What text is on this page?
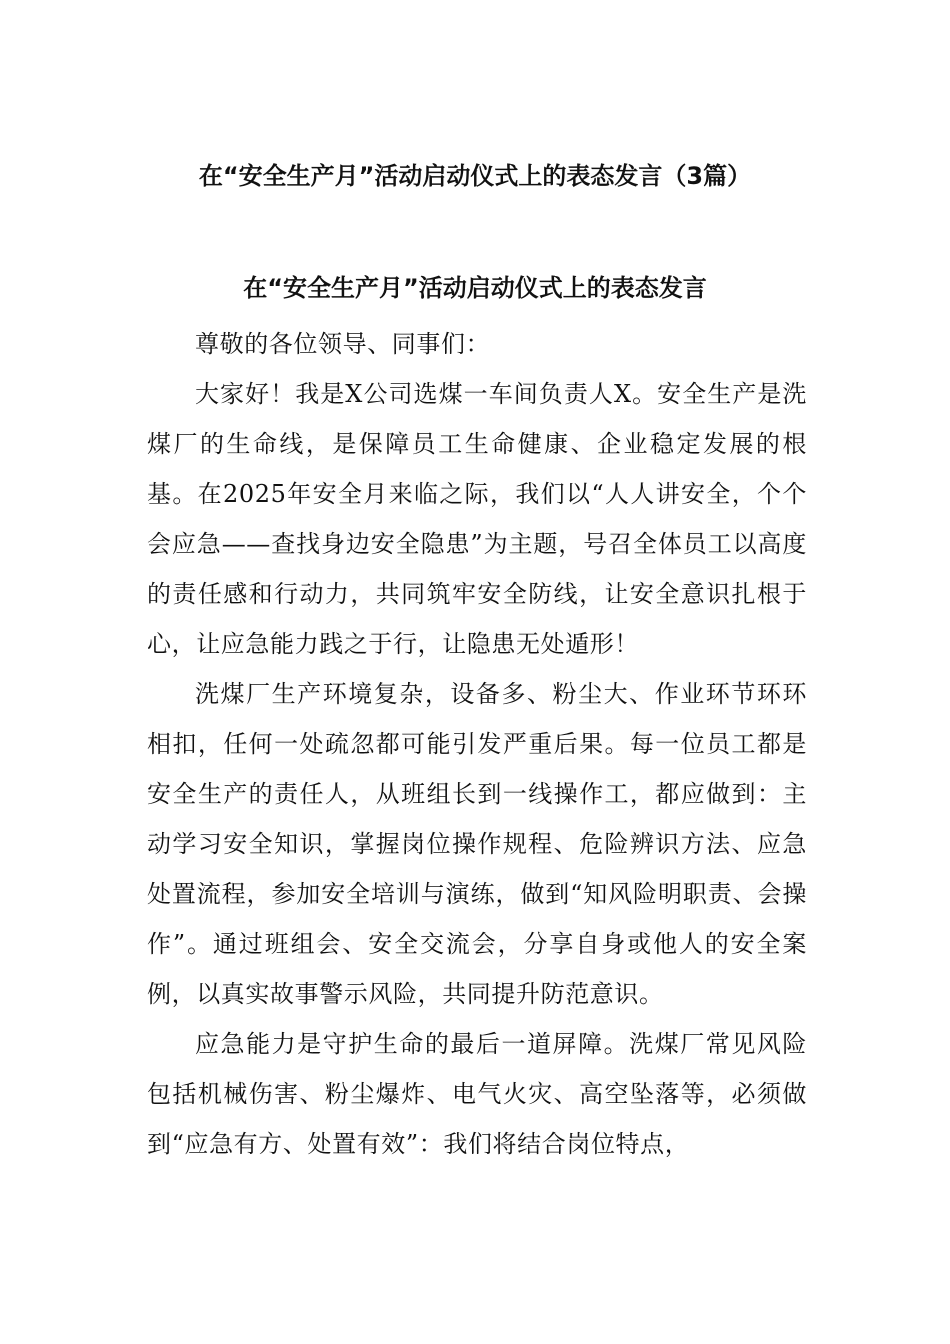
在“安全生产月”活动启动仪式上的表态发言（3篇）
在“安全生产月”活动启动仪式上的表态发言

尊敬的各位领导、同事们：

大家好！我是X公司选煤一车间负责人X。安全生产是洗煤厂的生命线，是保障员工生命健康、企业稳定发展的根基。在2025年安全月来临之际，我们以“人人讲安全，个个会应急——查找身边安全隐患”为主题，号召全体员工以高度的责任感和行动力，共同筑牢安全防线，让安全意识扎根于心，让应急能力践之于行，让隐患无处遁形！

洗煤厂生产环境复杂，设备多、粉尘大、作业环节环环相扣，任何一处疏忽都可能引发严重后果。每一位员工都是安全生产的责任人，从班组长到一线操作工，都应做到：主动学习安全知识，掌握岗位操作规程、危险辨识方法、应急处置流程，参加安全培训与演练，做到“知风险明职责、会操作”。通过班组会、安全交流会，分享自身或他人的安全案例，以真实故事警示风险，共同提升防范意识。

应急能力是守护生命的最后一道屏障。洗煤厂常见风险包括机械伤害、粉尘爆炸、电气火灾、高空坠落等，必须做到“应急有方、处置有效”：我们将结合岗位特点，
